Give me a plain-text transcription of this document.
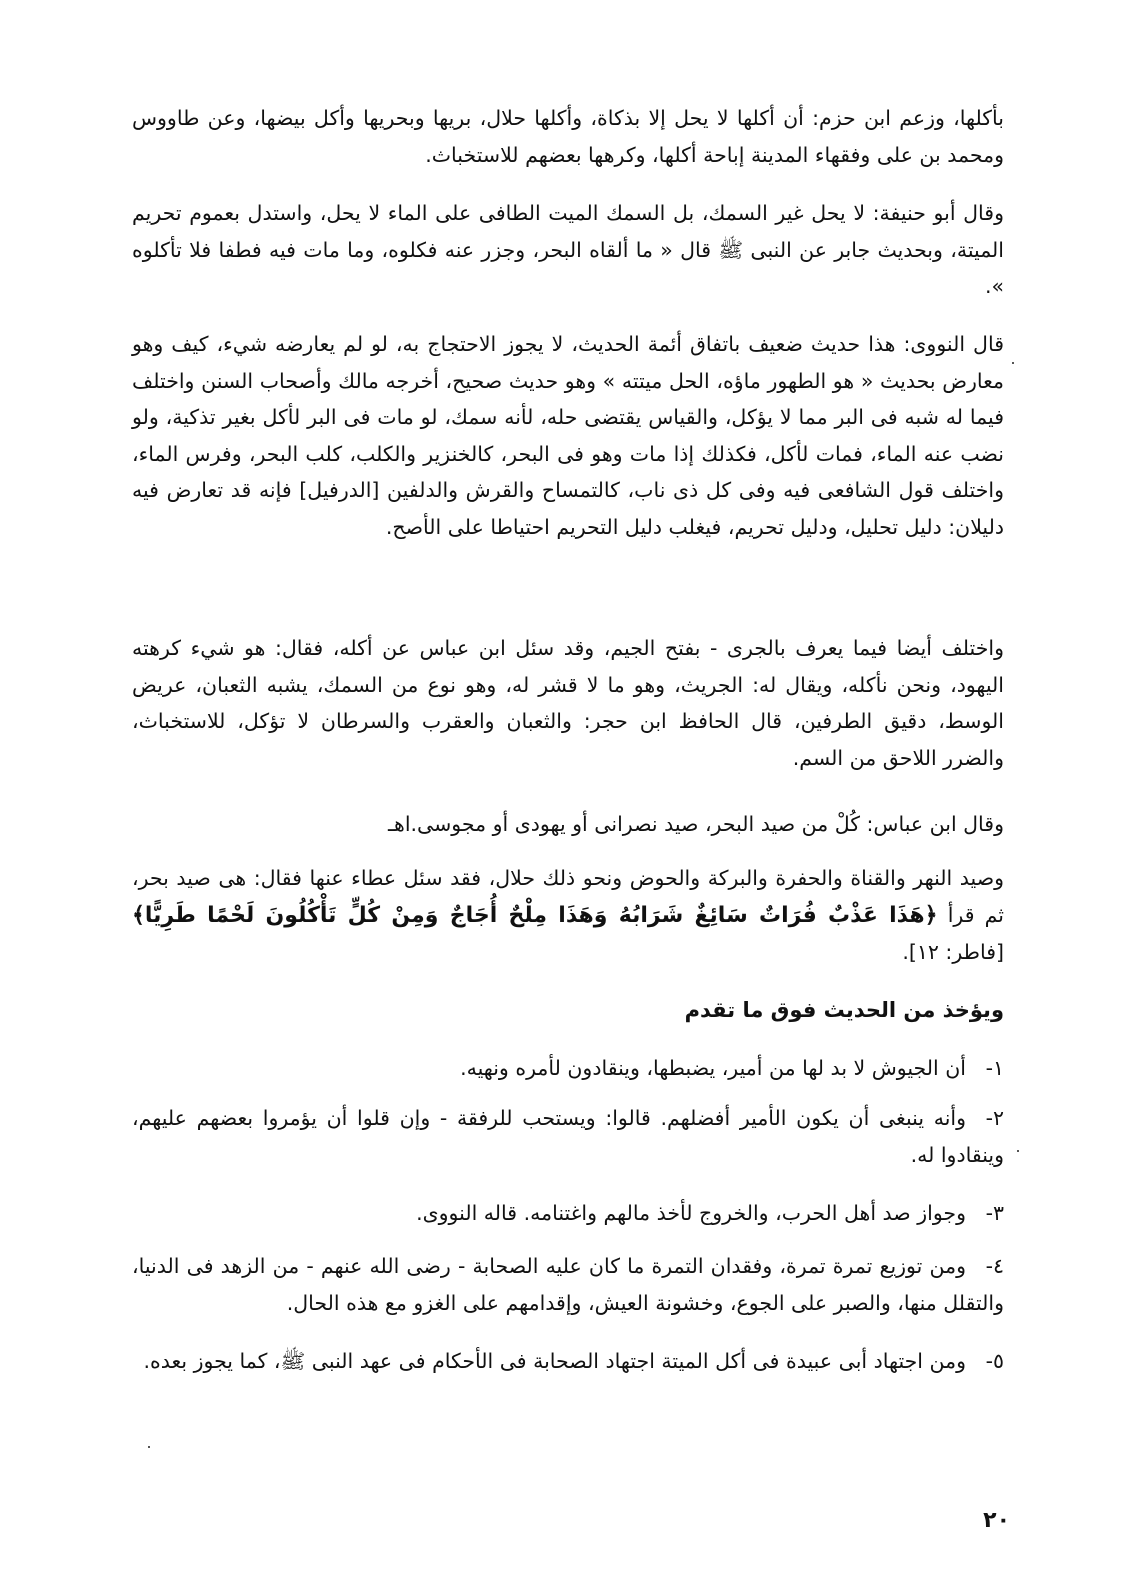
بأكلها، وزعم ابن حزم: أن أكلها لا يحل إلا بذكاة، وأكلها حلال، بريها وبحريها وأكل بيضها، وعن طاووس ومحمد بن على وفقهاء المدينة إباحة أكلها، وكرهها بعضهم للاستخباث.

وقال أبو حنيفة: لا يحل غير السمك، بل السمك الميت الطافى على الماء لا يحل، واستدل بعموم تحريم الميتة، وبحديث جابر عن النبى ﷺ قال « ما ألقاه البحر، وجزر عنه فكلوه، وما مات فيه فطفا فلا تأكلوه ».

قال النووى: هذا حديث ضعيف باتفاق أئمة الحديث، لا يجوز الاحتجاج به، لو لم يعارضه شيء، كيف وهو معارض بحديث « هو الطهور ماؤه، الحل ميتته » وهو حديث صحيح، أخرجه مالك وأصحاب السنن واختلف فيما له شبه فى البر مما لا يؤكل، والقياس يقتضى حله، لأنه سمك، لو مات فى البر لأكل بغير تذكية، ولو نضب عنه الماء، فمات لأكل، فكذلك إذا مات وهو فى البحر، كالخنزير والكلب، كلب البحر، وفرس الماء، واختلف قول الشافعى فيه وفى كل ذى ناب، كالتمساح والقرش والدلفين [الدرفيل] فإنه قد تعارض فيه دليلان: دليل تحليل، ودليل تحريم، فيغلب دليل التحريم احتياطا على الأصح.

واختلف أيضا فيما يعرف بالجرى - بفتح الجيم، وقد سئل ابن عباس عن أكله، فقال: هو شيء كرهته اليهود، ونحن نأكله، ويقال له: الجريث، وهو ما لا قشر له، وهو نوع من السمك، يشبه الثعبان، عريض الوسط، دقيق الطرفين، قال الحافظ ابن حجر: والثعبان والعقرب والسرطان لا تؤكل، للاستخباث، والضرر اللاحق من السم.

وقال ابن عباس: كُلْ من صيد البحر، صيد نصرانى أو يهودى أو مجوسى.اهـ

وصيد النهر والقناة والحفرة والبركة والحوض ونحو ذلك حلال، فقد سئل عطاء عنها فقال: هى صيد بحر، ثم قرأ ﴿هَذَا عَذْبٌ فُرَاتٌ سَائِغٌ شَرَابُهُ وَهَذَا مِلْحٌ أُجَاجٌ وَمِنْ كُلٍّ تَأْكُلُونَ لَحْمًا طَرِيًّا﴾ [فاطر: ١٢].

ويؤخذ من الحديث فوق ما تقدم
١-أن الجيوش لا بد لها من أمير، يضبطها، وينقادون لأمره ونهيه.
٢-وأنه ينبغى أن يكون الأمير أفضلهم. قالوا: ويستحب للرفقة - وإن قلوا أن يؤمروا بعضهم عليهم، وينقادوا له.
٣-وجواز صد أهل الحرب، والخروج لأخذ مالهم واغتنامه. قاله النووى.
٤-ومن توزيع تمرة تمرة، وفقدان التمرة ما كان عليه الصحابة - رضى الله عنهم - من الزهد فى الدنيا، والتقلل منها، والصبر على الجوع، وخشونة العيش، وإقدامهم على الغزو مع هذه الحال.
٥-ومن اجتهاد أبى عبيدة فى أكل الميتة اجتهاد الصحابة فى الأحكام فى عهد النبى ﷺ، كما يجوز بعده.
٢٠
